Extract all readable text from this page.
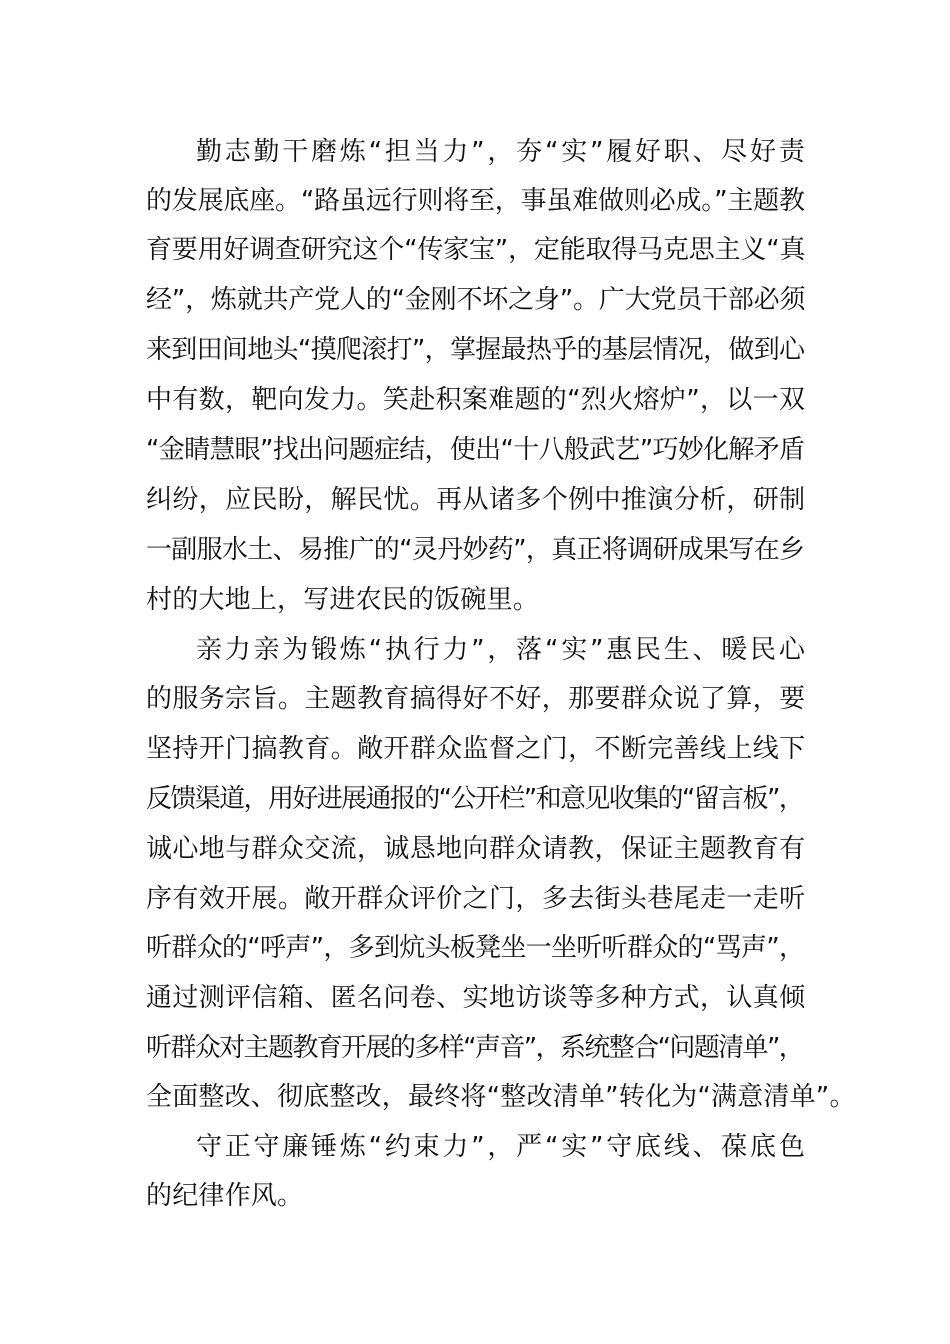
勤志勤干磨炼“担当力”，夯“实”履好职、尽好责

的发展底座。“路虽远行则将至，事虽难做则必成。”主题教

育要用好调查研究这个“传家宝”，定能取得马克思主义“真

经”，炼就共产党人的“金刚不坏之身”。广大党员干部必须

来到田间地头“摸爬滚打”，掌握最热乎的基层情况，做到心

中有数，靶向发力。笑赴积案难题的“烈火熔炉”，以一双

“金睛慧眼”找出问题症结，使出“十八般武艺”巧妙化解矛盾

纠纷，应民盼，解民忧。再从诸多个例中推演分析，研制

一副服水土、易推广的“灵丹妙药”，真正将调研成果写在乡

村的大地上，写进农民的饭碗里。

亲力亲为锻炼“执行力”，落“实”惠民生、暖民心

的服务宗旨。主题教育搞得好不好，那要群众说了算，要

坚持开门搞教育。敞开群众监督之门，不断完善线上线下

反馈渠道，用好进展通报的“公开栏”和意见收集的“留言板”，

诚心地与群众交流，诚恳地向群众请教，保证主题教育有

序有效开展。敞开群众评价之门，多去街头巷尾走一走听

听群众的“呼声”，多到炕头板凳坐一坐听听群众的“骂声”，

通过测评信箱、匿名问卷、实地访谈等多种方式，认真倾

听群众对主题教育开展的多样“声音”，系统整合“问题清单”，

全面整改、彻底整改，最终将“整改清单”转化为“满意清单”。

守正守廉锤炼“约束力”，严“实”守底线、葆底色

的纪律作风。
